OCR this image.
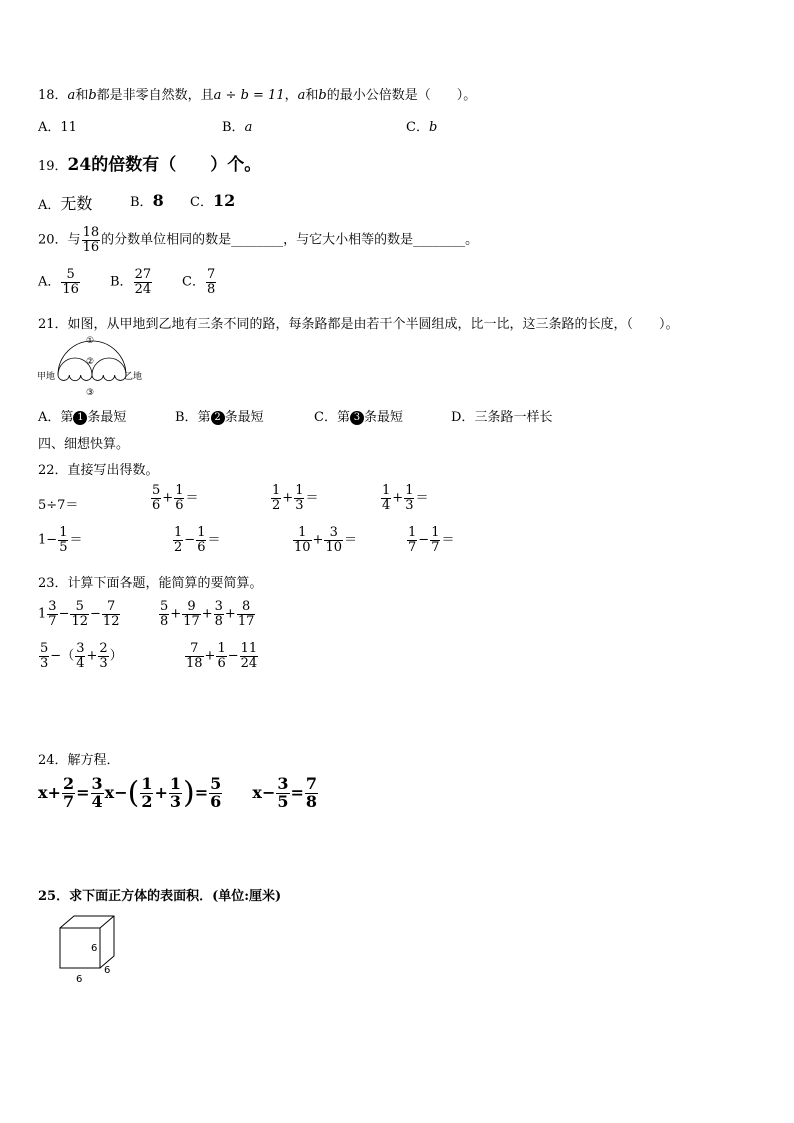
18．a和b都是非零自然数，且a ÷ b = 11，a和b的最小公倍数是（　　）。
A．11	B．a	C．b
19．24的倍数有（　　）个。
A．无数	B．8 C．12
20．与 $\frac{18}{16}$ 的分数单位相同的数是________，与它大小相等的数是________。
A． $\frac{5}{16}$ B． $\frac{27}{24}$ C． $\frac{7}{8}$
21．如图，从甲地到乙地有三条不同的路，每条路都是由若干个半圆组成，比一比，这三条路的长度，（　　）。
甲地	乙地
①
②
③
A．第 1 条最短	B．第 2 条最短	C．第 3 条最短	D．三条路一样长
四、细想快算。
22．直接写出得数。
5÷7＝	$\frac{5}{6} + \frac{1}{6}$ ＝	$\frac{1}{2} + \frac{1}{3}$ ＝	$\frac{1}{4} + \frac{1}{3}$ ＝
$1- \frac{1}{5}$ ＝	$\frac{1}{2} - \frac{1}{6}$ ＝	$\frac{1}{10} + \frac{3}{10}$ ＝	$\frac{1}{7} - \frac{1}{7}$ ＝
23．计算下面各题，能简算的要简算。
$1 \frac{3}{7} - \frac{5}{12} - \frac{7}{12}$	$\frac{5}{8} + \frac{9}{17} + \frac{3}{8} + \frac{8}{17}$
$\frac{5}{3}$ −（ $\frac{3}{4} + \frac{2}{3}$ ）	$\frac{7}{18} + \frac{1}{6} - \frac{11}{24}$
24．解方程．
$x+ \frac{2}{7} = \frac{3}{4} x-( \frac{1}{2} + \frac{1}{3}$ )= $\frac{5}{6} x- \frac{3}{5} = \frac{7}{8}$
25．求下面正方体的表面积．(单位:厘米)
6
6
6
